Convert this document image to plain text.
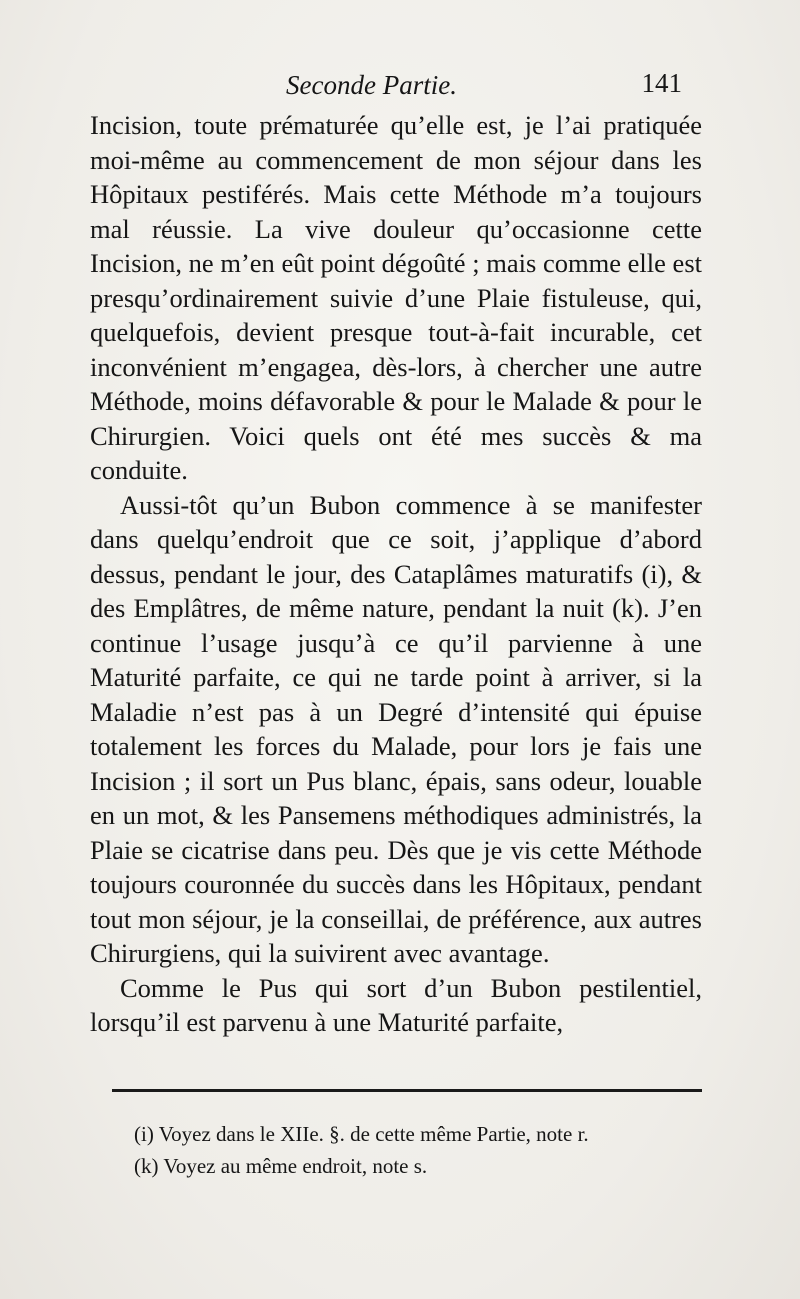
Seconde Partie.	141

Incision, toute prématurée qu’elle est, je l’ai pratiquée moi-même au commencement de mon séjour dans les Hôpitaux pestiférés. Mais cette Méthode m’a toujours mal réussie. La vive douleur qu’occasionne cette Incision, ne m’en eût point dégoûté ; mais comme elle est presqu’ordinairement suivie d’une Plaie fistuleuse, qui, quelquefois, devient presque tout-à-fait incurable, cet inconvénient m’engagea, dès-lors, à chercher une autre Méthode, moins défavorable & pour le Malade & pour le Chirurgien. Voici quels ont été mes succès & ma conduite.

Aussi-tôt qu’un Bubon commence à se manifester dans quelqu’endroit que ce soit, j’applique d’abord dessus, pendant le jour, des Cataplâmes maturatifs (i), & des Emplâtres, de même nature, pendant la nuit (k). J’en continue l’usage jusqu’à ce qu’il parvienne à une Maturité parfaite, ce qui ne tarde point à arriver, si la Maladie n’est pas à un Degré d’intensité qui épuise totalement les forces du Malade, pour lors je fais une Incision ; il sort un Pus blanc, épais, sans odeur, louable en un mot, & les Pansemens méthodiques administrés, la Plaie se cicatrise dans peu. Dès que je vis cette Méthode toujours couronnée du succès dans les Hôpitaux, pendant tout mon séjour, je la conseillai, de préférence, aux autres Chirurgiens, qui la suivirent avec avantage.

Comme le Pus qui sort d’un Bubon pestilentiel, lorsqu’il est parvenu à une Maturité parfaite,

(i) Voyez dans le XIIe. §. de cette même Partie, note r.

(k) Voyez au même endroit, note s.
